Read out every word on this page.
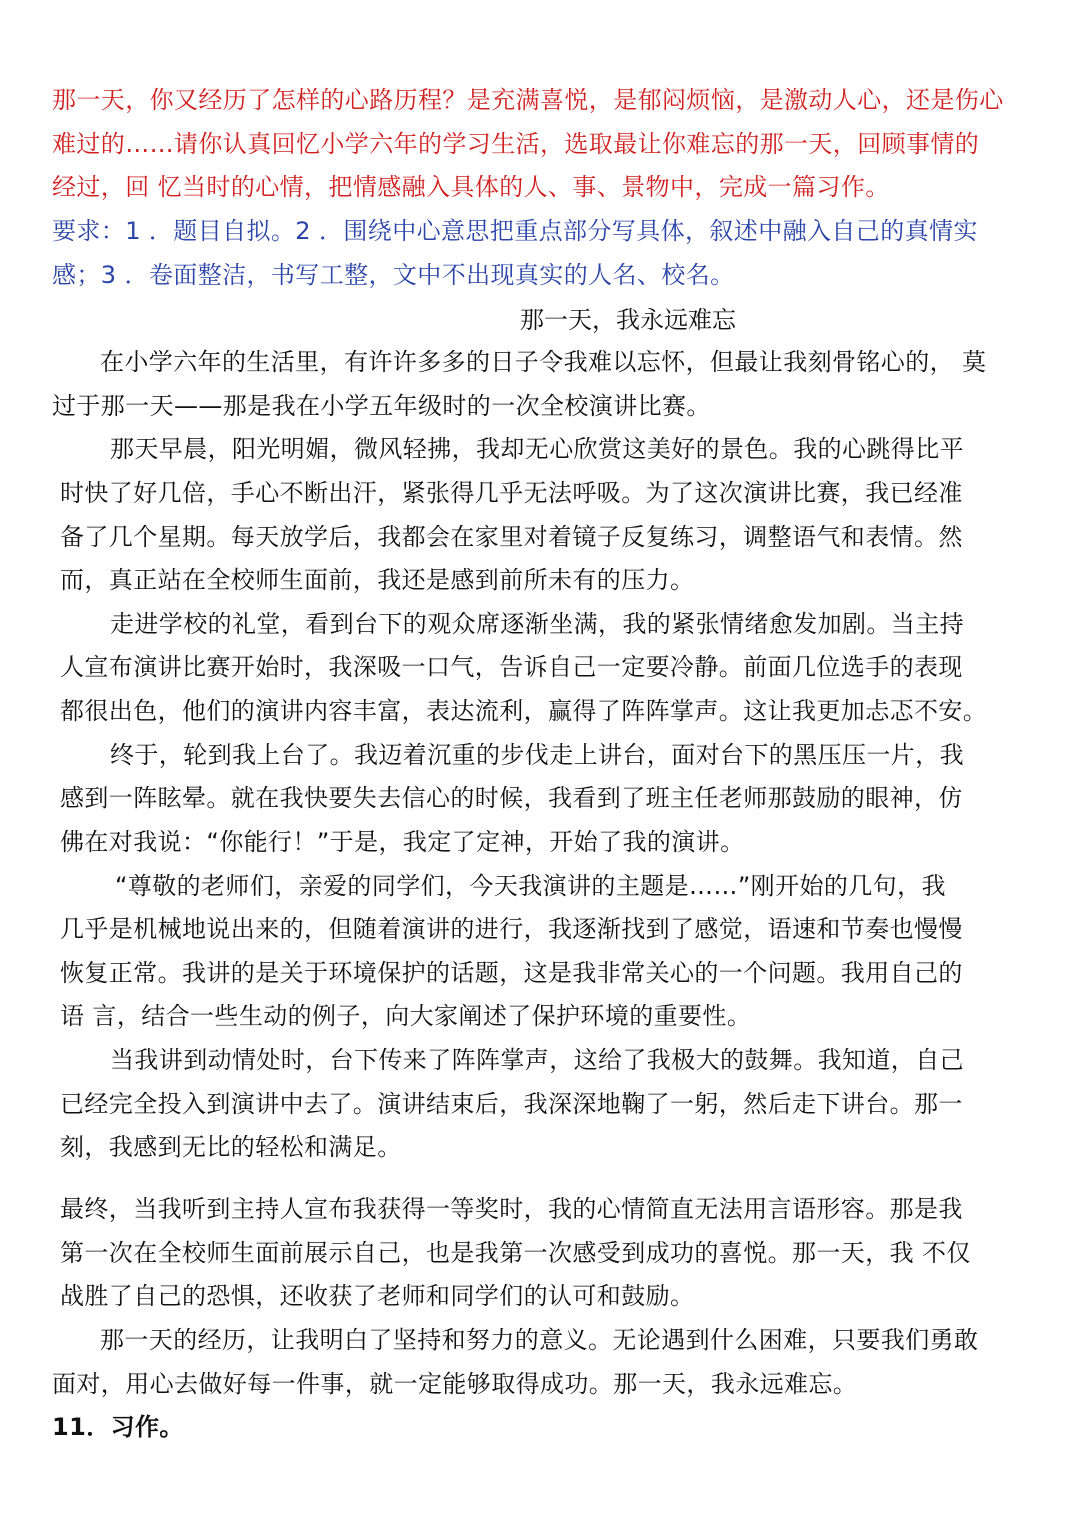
那一天，你又经历了怎样的心路历程？是充满喜悦，是郁闷烦恼，是激动人心，还是伤心
难过的……请你认真回忆小学六年的学习生活，选取最让你难忘的那一天，回顾事情的
经过，回 忆当时的心情，把情感融入具体的人、事、景物中，完成一篇习作。
要求：1 ．题目自拟。2 ．围绕中心意思把重点部分写具体，叙述中融入自己的真情实
感；3 ．卷面整洁，书写工整，文中不出现真实的人名、校名。
那一天，我永远难忘
在小学六年的生活里，有许许多多的日子令我难以忘怀，但最让我刻骨铭心的， 莫
过于那一天——那是我在小学五年级时的一次全校演讲比赛。
那天早晨，阳光明媚，微风轻拂，我却无心欣赏这美好的景色。我的心跳得比平
时快了好几倍，手心不断出汗，紧张得几乎无法呼吸。为了这次演讲比赛，我已经准
备了几个星期。每天放学后，我都会在家里对着镜子反复练习，调整语气和表情。然
而，真正站在全校师生面前，我还是感到前所未有的压力。
走进学校的礼堂，看到台下的观众席逐渐坐满，我的紧张情绪愈发加剧。当主持
人宣布演讲比赛开始时，我深吸一口气，告诉自己一定要冷静。前面几位选手的表现
都很出色，他们的演讲内容丰富，表达流利，赢得了阵阵掌声。这让我更加忐忑不安。
终于，轮到我上台了。我迈着沉重的步伐走上讲台，面对台下的黑压压一片，我
感到一阵眩晕。就在我快要失去信心的时候，我看到了班主任老师那鼓励的眼神，仿
佛在对我说：“你能行！”于是，我定了定神，开始了我的演讲。
“尊敬的老师们，亲爱的同学们，今天我演讲的主题是……”刚开始的几句，我
几乎是机械地说出来的，但随着演讲的进行，我逐渐找到了感觉，语速和节奏也慢慢
恢复正常。我讲的是关于环境保护的话题，这是我非常关心的一个问题。我用自己的
语 言，结合一些生动的例子，向大家阐述了保护环境的重要性。
当我讲到动情处时，台下传来了阵阵掌声，这给了我极大的鼓舞。我知道，自己
已经完全投入到演讲中去了。演讲结束后，我深深地鞠了一躬，然后走下讲台。那一
刻，我感到无比的轻松和满足。
最终，当我听到主持人宣布我获得一等奖时，我的心情简直无法用言语形容。那是我
第一次在全校师生面前展示自己，也是我第一次感受到成功的喜悦。那一天，我 不仅
战胜了自己的恐惧，还收获了老师和同学们的认可和鼓励。
那一天的经历，让我明白了坚持和努力的意义。无论遇到什么困难，只要我们勇敢
面对，用心去做好每一件事，就一定能够取得成功。那一天，我永远难忘。
11．习作。
